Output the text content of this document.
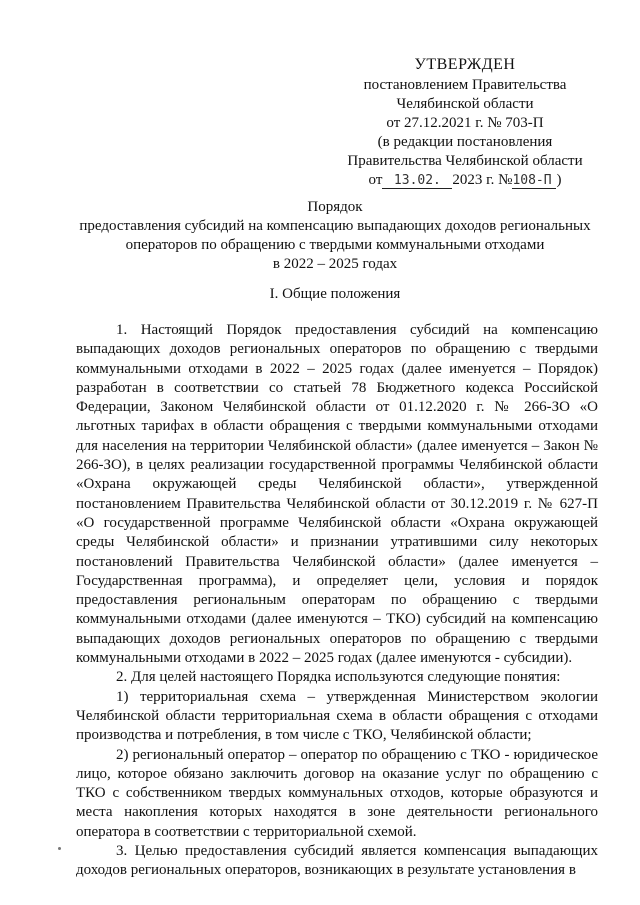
УТВЕРЖДЕН
постановлением Правительства
Челябинской области
от 27.12.2021 г. № 703-П
(в редакции постановления
Правительства Челябинской области
от 13.02. 2023 г. №108-П )
Порядок
предоставления субсидий на компенсацию выпадающих доходов региональных операторов по обращению с твердыми коммунальными отходами
в 2022 – 2025 годах
I. Общие положения

1. Настоящий Порядок предоставления субсидий на компенсацию выпадающих доходов региональных операторов по обращению с твердыми коммунальными отходами в 2022 – 2025 годах (далее именуется – Порядок) разработан в соответствии со статьей 78 Бюджетного кодекса Российской Федерации, Законом Челябинской области от 01.12.2020 г. № 266-ЗО «О льготных тарифах в области обращения с твердыми коммунальными отходами для населения на территории Челябинской области» (далее именуется – Закон № 266-ЗО), в целях реализации государственной программы Челябинской области «Охрана окружающей среды Челябинской области», утвержденной постановлением Правительства Челябинской области от 30.12.2019 г. № 627-П «О государственной программе Челябинской области «Охрана окружающей среды Челябинской области» и признании утратившими силу некоторых постановлений Правительства Челябинской области» (далее именуется – Государственная программа), и определяет цели, условия и порядок предоставления региональным операторам по обращению с твердыми коммунальными отходами (далее именуются – ТКО) субсидий на компенсацию выпадающих доходов региональных операторов по обращению с твердыми коммунальными отходами в 2022 – 2025 годах (далее именуются - субсидии).

2. Для целей настоящего Порядка используются следующие понятия:

1) территориальная схема – утвержденная Министерством экологии Челябинской области территориальная схема в области обращения с отходами производства и потребления, в том числе с ТКО, Челябинской области;

2) региональный оператор – оператор по обращению с ТКО - юридическое лицо, которое обязано заключить договор на оказание услуг по обращению с ТКО с собственником твердых коммунальных отходов, которые образуются и места накопления которых находятся в зоне деятельности регионального оператора в соответствии с территориальной схемой.

3. Целью предоставления субсидий является компенсация выпадающих доходов региональных операторов, возникающих в результате установления в
